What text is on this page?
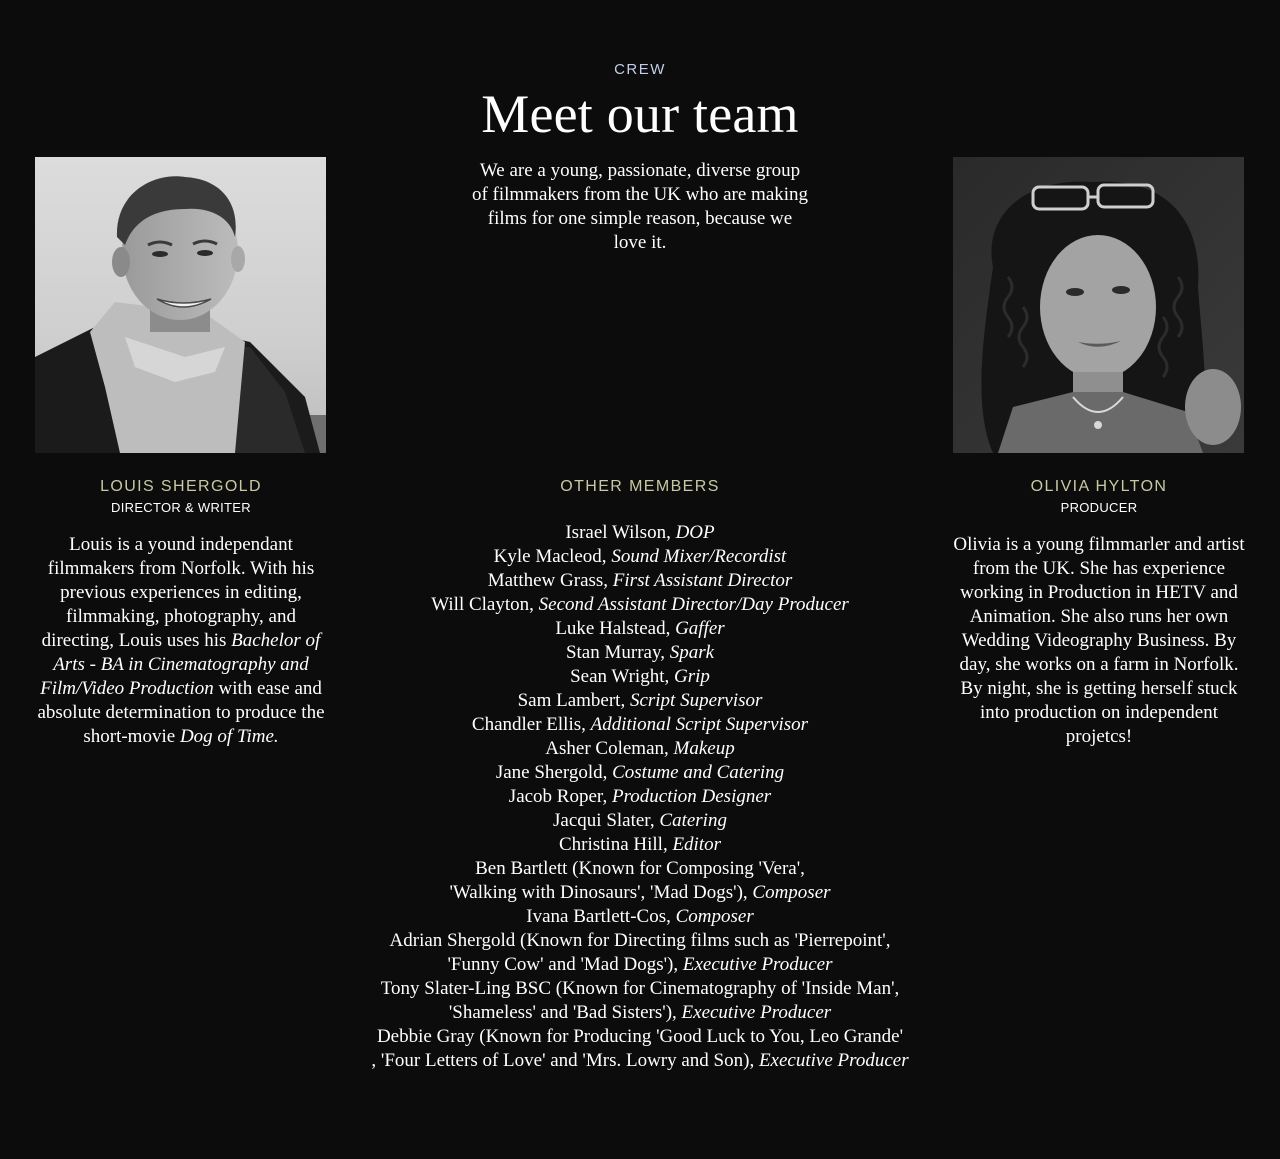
CREW
Meet our team

We are a young, passionate, diverse group of filmmakers from the UK who are making films for one simple reason, because we love it.

LOUIS SHERGOLD
DIRECTOR & WRITER
Louis is a yound independant filmmakers from Norfolk. With his previous experiences in editing, filmmaking, photography, and directing, Louis uses his Bachelor of Arts - BA in Cinematography and Film/Video Production with ease and absolute determination to produce the short-movie Dog of Time.
OTHER MEMBERS
Israel Wilson, DOP
Kyle Macleod, Sound Mixer/Recordist
Matthew Grass, First Assistant Director
Will Clayton, Second Assistant Director/Day Producer
Luke Halstead, Gaffer
Stan Murray, Spark
Sean Wright, Grip
Sam Lambert, Script Supervisor
Chandler Ellis, Additional Script Supervisor
Asher Coleman, Makeup
Jane Shergold, Costume and Catering
Jacob Roper, Production Designer
Jacqui Slater, Catering
Christina Hill, Editor
Ben Bartlett (Known for Composing 'Vera',
'Walking with Dinosaurs', 'Mad Dogs'), Composer
Ivana Bartlett-Cos, Composer
Adrian Shergold (Known for Directing films such as 'Pierrepoint',
'Funny Cow' and 'Mad Dogs'), Executive Producer
Tony Slater-Ling BSC (Known for Cinematography of 'Inside Man',
'Shameless' and 'Bad Sisters'), Executive Producer
Debbie Gray (Known for Producing 'Good Luck to You, Leo Grande'
, 'Four Letters of Love' and 'Mrs. Lowry and Son), Executive Producer
OLIVIA HYLTON
PRODUCER
Olivia is a young filmmarler and artist from the UK. She has experience working in Production in HETV and Animation. She also runs her own Wedding Videography Business. By day, she works on a farm in Norfolk. By night, she is getting herself stuck into production on independent projetcs!
